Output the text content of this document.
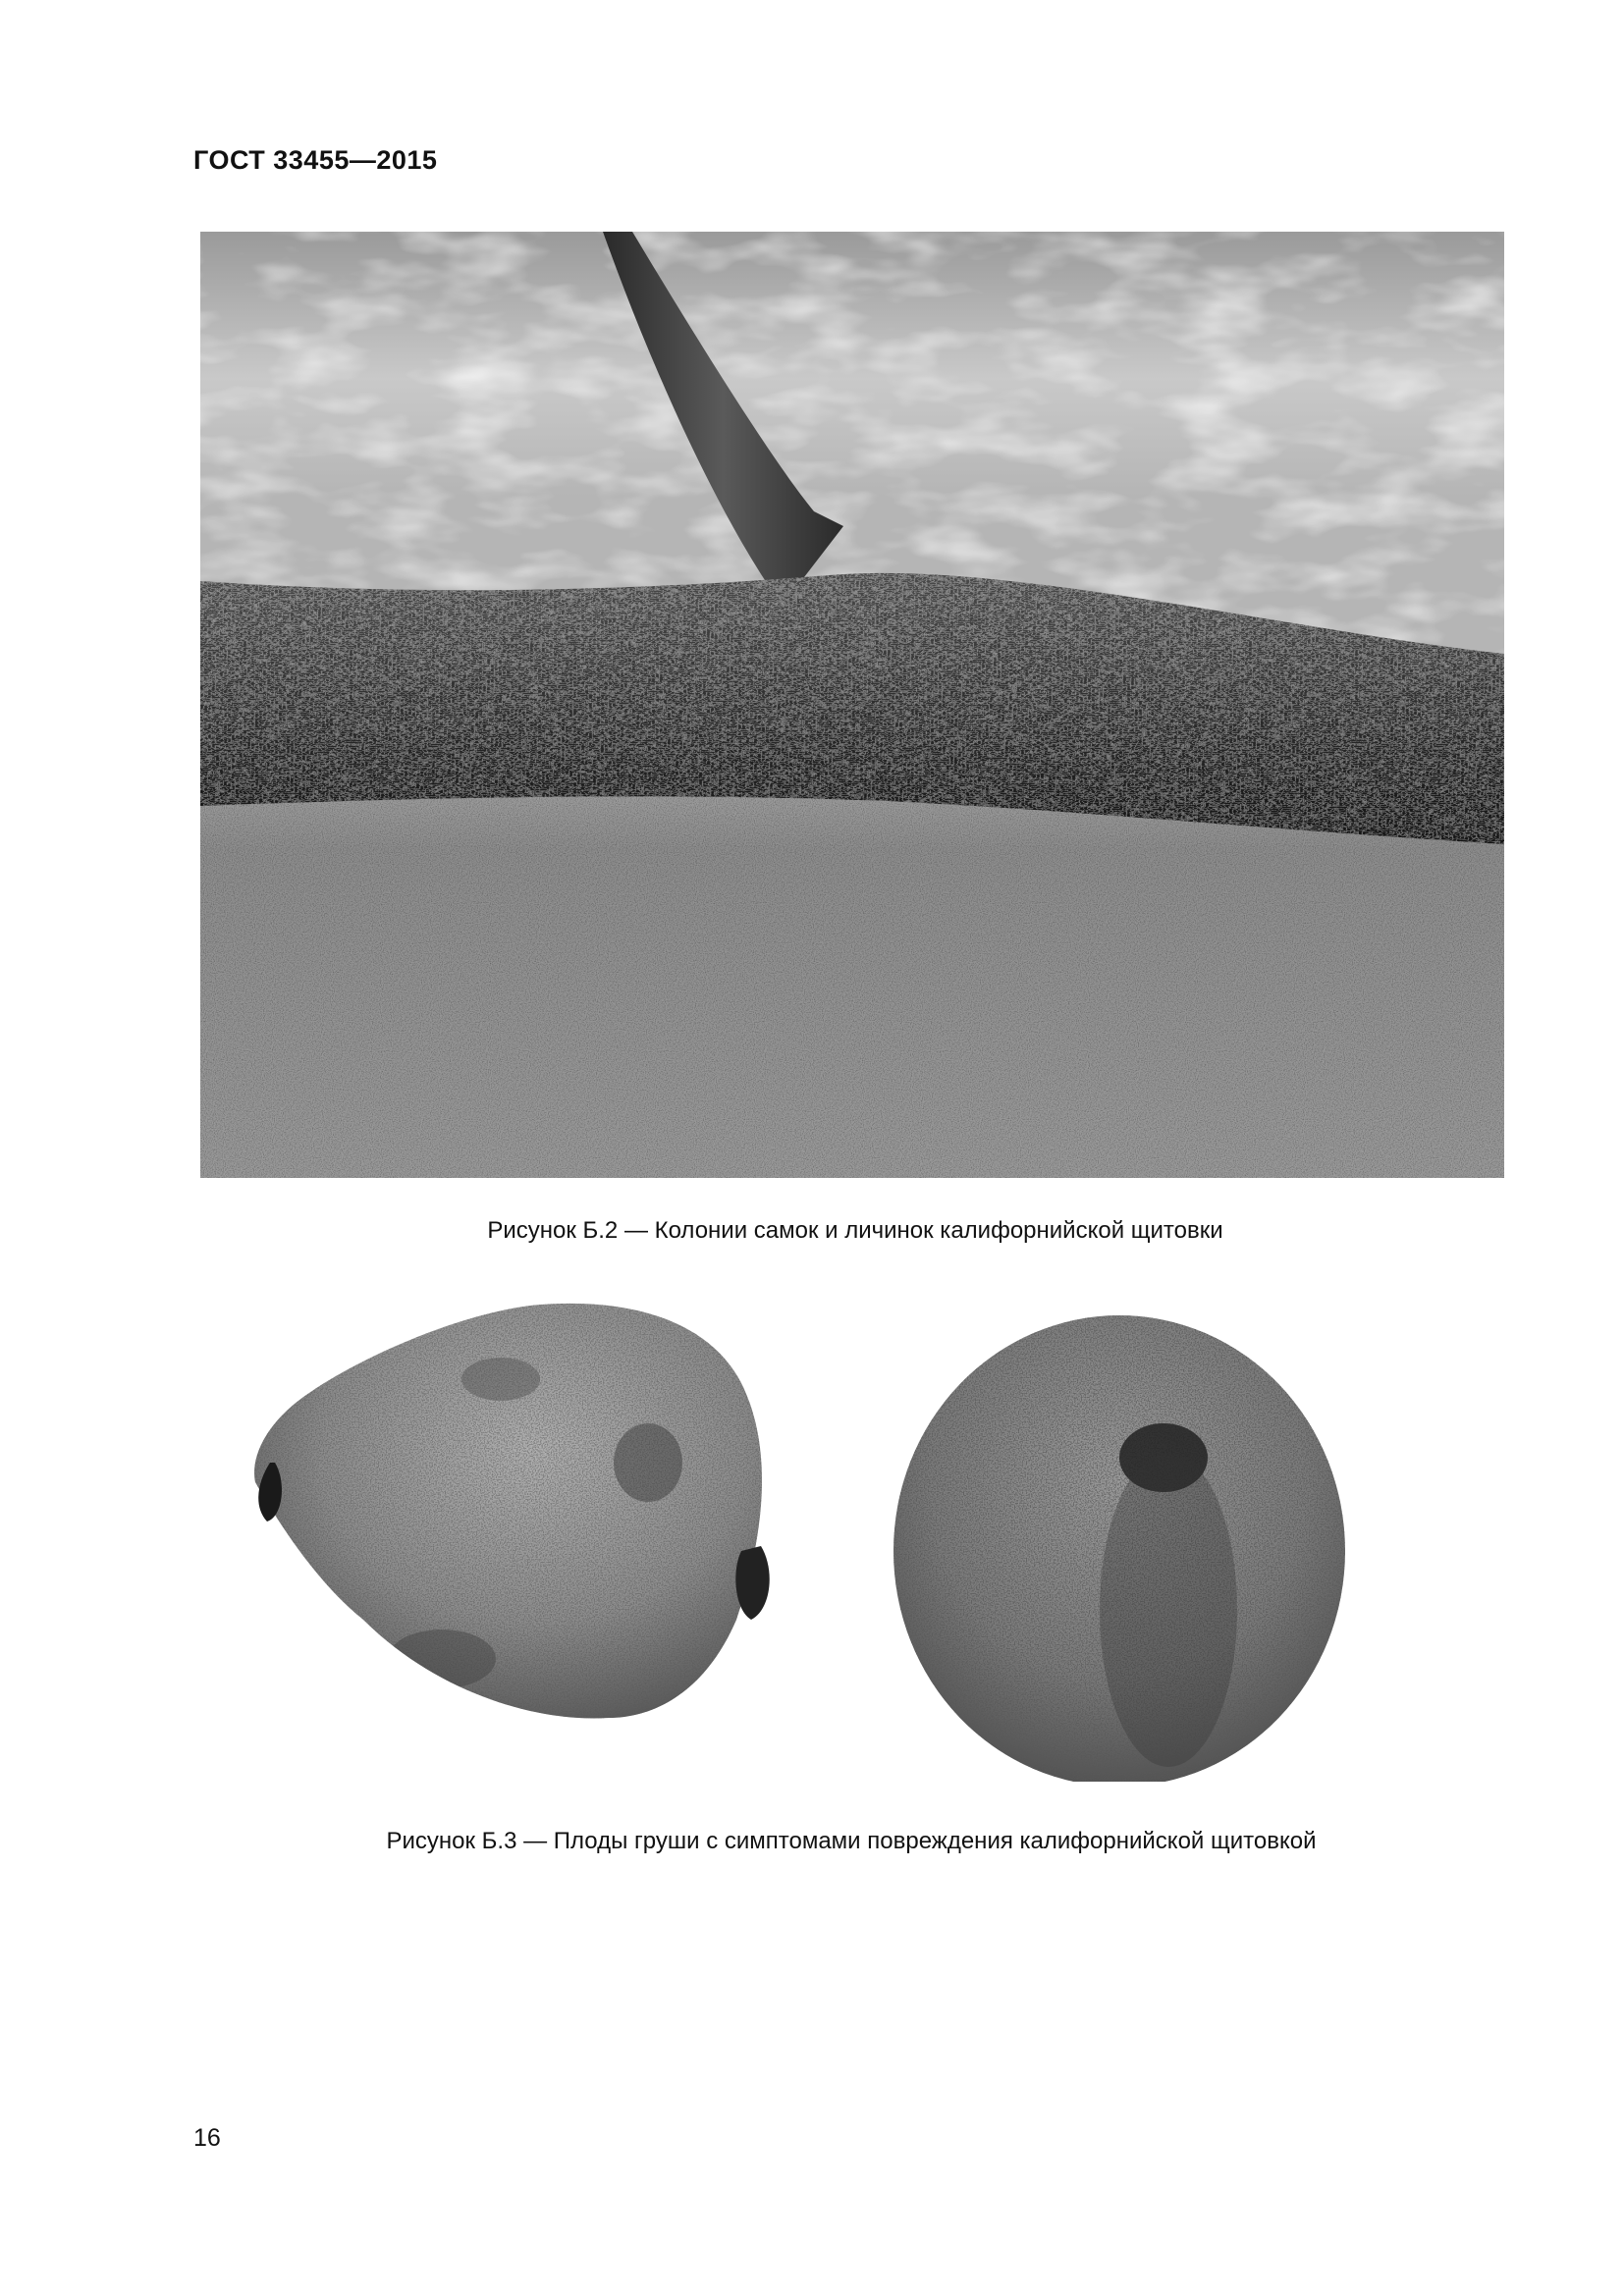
ГОСТ 33455—2015
Рисунок Б.2 — Колонии самок и личинок калифорнийской щитовки
Рисунок Б.3 — Плоды груши с симптомами повреждения калифорнийской щитовкой
16
